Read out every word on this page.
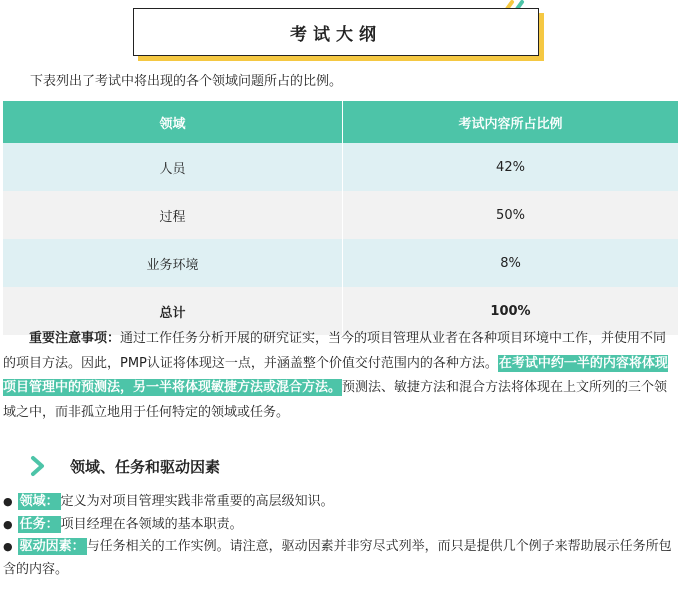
考试大纲
下表列出了考试中将出现的各个领域问题所占的比例。
领域	考试内容所占比例
人员	42%
过程	50%
业务环境	8%
总计	100%

重要注意事项：通过工作任务分析开展的研究证实，当今的项目管理从业者在各种项目环境中工作，并使用不同的项目方法。因此，PMP认证将体现这一点，并涵盖整个价值交付范围内的各种方法。在考试中约一半的内容将体现项目管理中的预测法，另一半将体现敏捷方法或混合方法。预测法、敏捷方法和混合方法将体现在上文所列的三个领域之中，而非孤立地用于任何特定的领域或任务。

领域、任务和驱动因素
● 领域： 定义为对项目管理实践非常重要的高层级知识。
● 任务： 项目经理在各领域的基本职责。
● 驱动因素： 与任务相关的工作实例。请注意，驱动因素并非穷尽式列举，而只是提供几个例子来帮助展示任务所包含的内容。
